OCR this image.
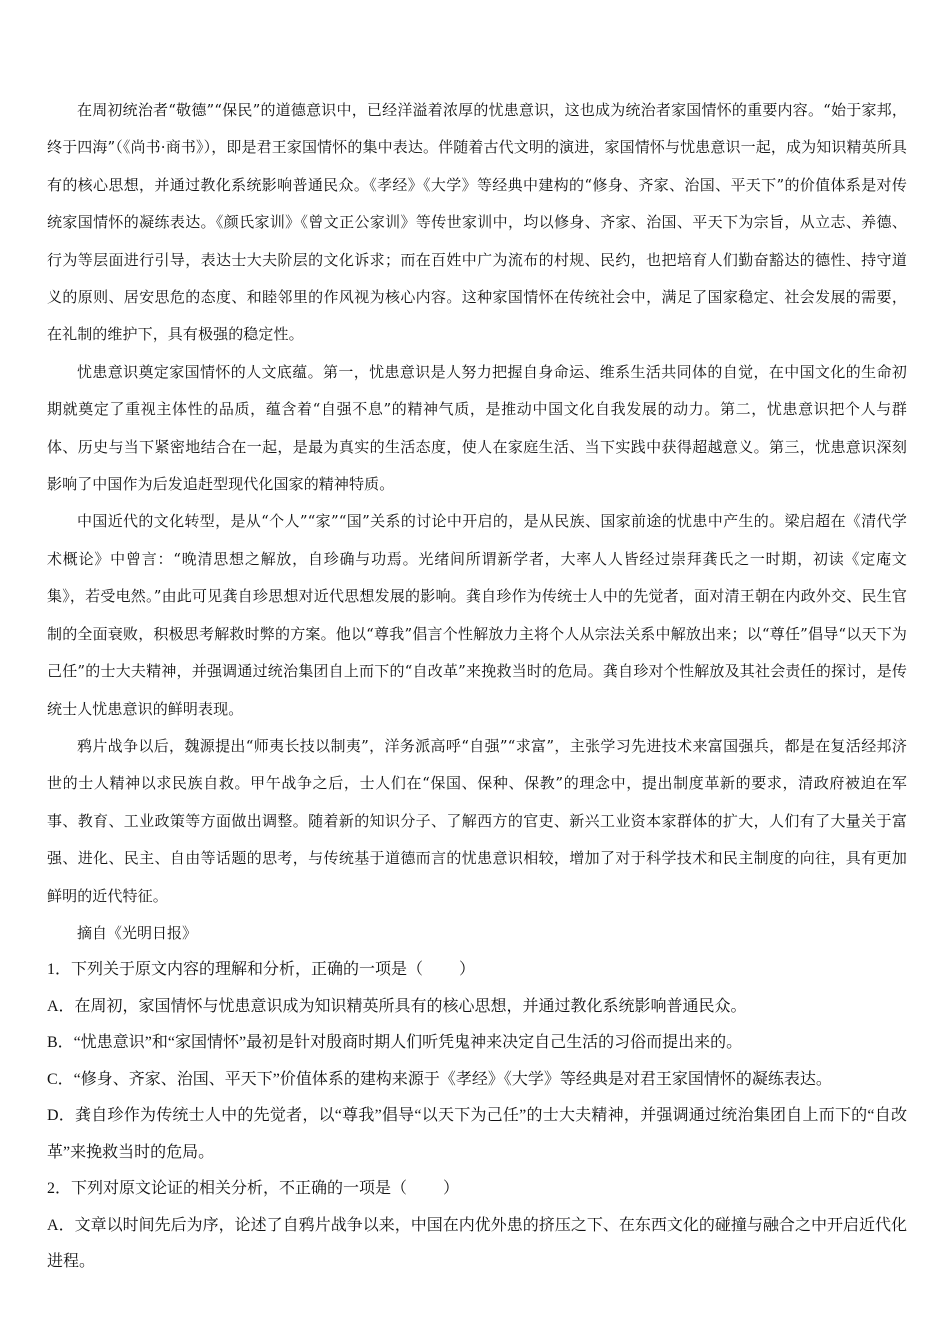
在周初统治者“敬德”“保民”的道德意识中，已经洋溢着浓厚的忧患意识，这也成为统治者家国情怀的重要内容。“始于家邦，终于四海”（《尚书·商书》），即是君王家国情怀的集中表达。伴随着古代文明的演进，家国情怀与忧患意识一起，成为知识精英所具有的核心思想，并通过教化系统影响普通民众。《孝经》《大学》等经典中建构的“修身、齐家、治国、平天下”的价值体系是对传统家国情怀的凝练表达。《颜氏家训》《曾文正公家训》等传世家训中，均以修身、齐家、治国、平天下为宗旨，从立志、养德、行为等层面进行引导，表达士大夫阶层的文化诉求；而在百姓中广为流布的村规、民约，也把培育人们勤奋豁达的德性、持守道义的原则、居安思危的态度、和睦邻里的作风视为核心内容。这种家国情怀在传统社会中，满足了国家稳定、社会发展的需要，在礼制的维护下，具有极强的稳定性。

忧患意识奠定家国情怀的人文底蕴。第一，忧患意识是人努力把握自身命运、维系生活共同体的自觉，在中国文化的生命初期就奠定了重视主体性的品质，蕴含着“自强不息”的精神气质，是推动中国文化自我发展的动力。第二，忧患意识把个人与群体、历史与当下紧密地结合在一起，是最为真实的生活态度，使人在家庭生活、当下实践中获得超越意义。第三，忧患意识深刻影响了中国作为后发追赶型现代化国家的精神特质。

中国近代的文化转型，是从“个人”“家”“国”关系的讨论中开启的，是从民族、国家前途的忧患中产生的。梁启超在《清代学术概论》中曾言：“晚清思想之解放，自珍确与功焉。光绪间所谓新学者，大率人人皆经过崇拜龚氏之一时期，初读《定庵文集》，若受电然。”由此可见龚自珍思想对近代思想发展的影响。龚自珍作为传统士人中的先觉者，面对清王朝在内政外交、民生官制的全面衰败，积极思考解救时弊的方案。他以“尊我”倡言个性解放力主将个人从宗法关系中解放出来；以“尊任”倡导“以天下为己任”的士大夫精神，并强调通过统治集团自上而下的“自改革”来挽救当时的危局。龚自珍对个性解放及其社会责任的探讨，是传统士人忧患意识的鲜明表现。

鸦片战争以后，魏源提出“师夷长技以制夷”，洋务派高呼“自强”“求富”，主张学习先进技术来富国强兵，都是在复活经邦济世的士人精神以求民族自救。甲午战争之后，士人们在“保国、保种、保教”的理念中，提出制度革新的要求，清政府被迫在军事、教育、工业政策等方面做出调整。随着新的知识分子、了解西方的官吏、新兴工业资本家群体的扩大，人们有了大量关于富强、进化、民主、自由等话题的思考，与传统基于道德而言的忧患意识相较，增加了对于科学技术和民主制度的向往，具有更加鲜明的近代特征。

摘自《光明日报》

1．下列关于原文内容的理解和分析，正确的一项是（ ）

A．在周初，家国情怀与忧患意识成为知识精英所具有的核心思想，并通过教化系统影响普通民众。

B．“忧患意识”和“家国情怀”最初是针对殷商时期人们听凭鬼神来决定自己生活的习俗而提出来的。

C．“修身、齐家、治国、平天下”价值体系的建构来源于《孝经》《大学》等经典是对君王家国情怀的凝练表达。

D．龚自珍作为传统士人中的先觉者，以“尊我”倡导“以天下为己任”的士大夫精神，并强调通过统治集团自上而下的“自改革”来挽救当时的危局。

2．下列对原文论证的相关分析，不正确的一项是（ ）

A．文章以时间先后为序，论述了自鸦片战争以来，中国在内优外患的挤压之下、在东西文化的碰撞与融合之中开启近代化进程。
